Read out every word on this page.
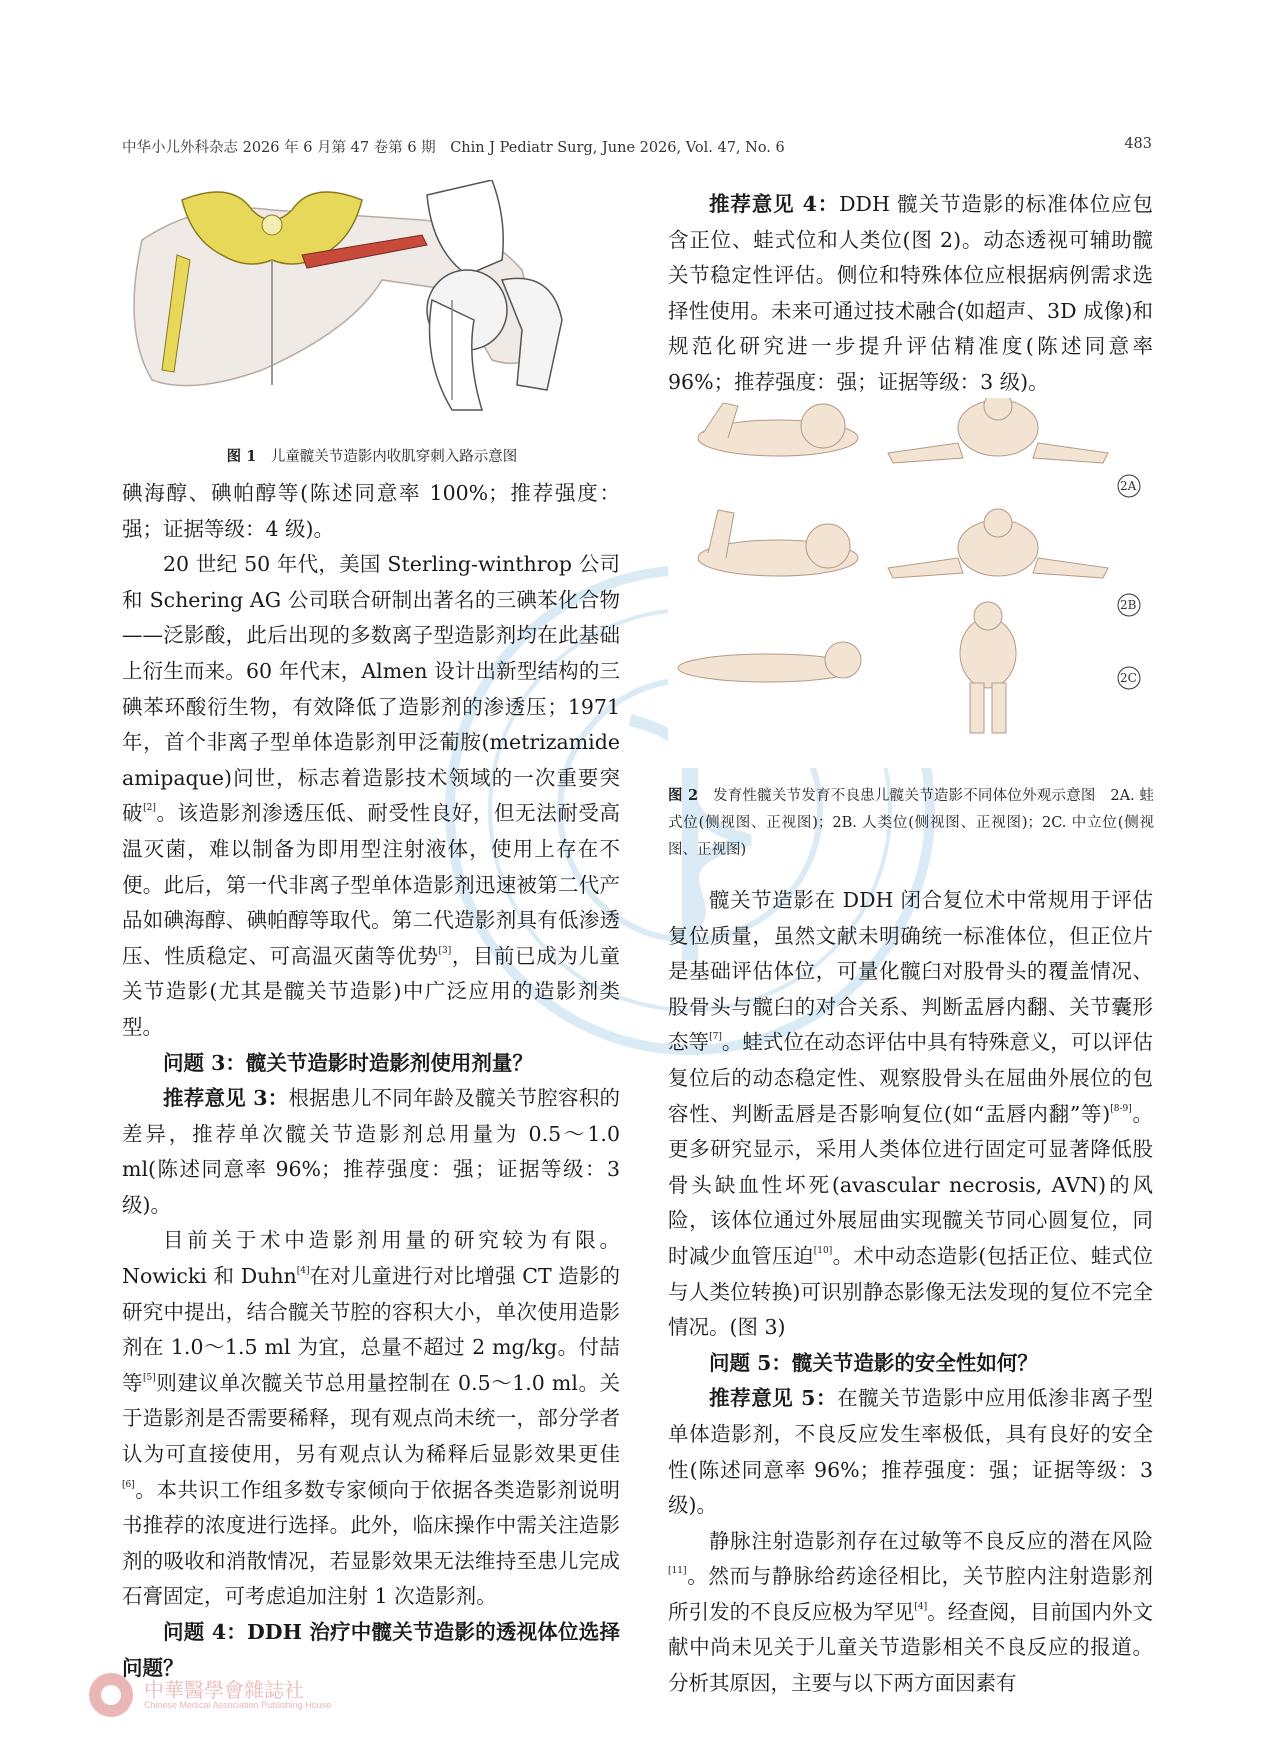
中华小儿外科杂志 2026 年 6 月第 47 卷第 6 期　 Chin J Pediatr Surg, June 2026, Vol. 47, No. 6	483
图 1　 儿童髋关节造影内收肌穿刺入路示意图
2A
2B
2C
图 2　 发育性髋关节发育不良患儿髋关节造影不同体位外观示意图　2A. 蛙式位(侧视图、正视图)；2B. 人类位(侧视图、正视图)；2C. 中立位(侧视图、正视图)

碘海醇、碘帕醇等(陈述同意率 100%；推荐强度：强；证据等级：4 级)。

20 世纪 50 年代，美国 Sterling-winthrop 公司和 Schering AG 公司联合研制出著名的三碘苯化合物——泛影酸，此后出现的多数离子型造影剂均在此基础上衍生而来。60 年代末，Almen 设计出新型结构的三碘苯环酸衍生物，有效降低了造影剂的渗透压；1971 年，首个非离子型单体造影剂甲泛葡胺(metrizamide amipaque)问世，标志着造影技术领域的一次重要突破[2]。该造影剂渗透压低、耐受性良好，但无法耐受高温灭菌，难以制备为即用型注射液体，使用上存在不便。此后，第一代非离子型单体造影剂迅速被第二代产品如碘海醇、碘帕醇等取代。第二代造影剂具有低渗透压、性质稳定、可高温灭菌等优势[3]，目前已成为儿童关节造影(尤其是髋关节造影)中广泛应用的造影剂类型。

问题 3：髋关节造影时造影剂使用剂量？

推荐意见 3：根据患儿不同年龄及髋关节腔容积的差异，推荐单次髋关节造影剂总用量为 0.5～1.0 ml(陈述同意率 96%；推荐强度：强；证据等级：3 级)。

目前关于术中造影剂用量的研究较为有限。Nowicki 和 Duhn[4]在对儿童进行对比增强 CT 造影的研究中提出，结合髋关节腔的容积大小，单次使用造影剂在 1.0～1.5 ml 为宜，总量不超过 2 mg/kg。付喆等[5]则建议单次髋关节总用量控制在 0.5～1.0 ml。关于造影剂是否需要稀释，现有观点尚未统一，部分学者认为可直接使用，另有观点认为稀释后显影效果更佳[6]。本共识工作组多数专家倾向于依据各类造影剂说明书推荐的浓度进行选择。此外，临床操作中需关注造影剂的吸收和消散情况，若显影效果无法维持至患儿完成石膏固定，可考虑追加注射 1 次造影剂。

问题 4：DDH 治疗中髋关节造影的透视体位选择问题？

推荐意见 4：DDH 髋关节造影的标准体位应包含正位、蛙式位和人类位(图 2)。动态透视可辅助髋关节稳定性评估。侧位和特殊体位应根据病例需求选择性使用。未来可通过技术融合(如超声、3D 成像)和规范化研究进一步提升评估精准度(陈述同意率 96%；推荐强度：强；证据等级：3 级)。

髋关节造影在 DDH 闭合复位术中常规用于评估复位质量，虽然文献未明确统一标准体位，但正位片是基础评估体位，可量化髋臼对股骨头的覆盖情况、股骨头与髋臼的对合关系、判断盂唇内翻、关节囊形态等[7]。蛙式位在动态评估中具有特殊意义，可以评估复位后的动态稳定性、观察股骨头在屈曲外展位的包容性、判断盂唇是否影响复位(如“盂唇内翻”等)[8-9]。更多研究显示，采用人类体位进行固定可显著降低股骨头缺血性坏死(avascular necrosis, AVN)的风险，该体位通过外展屈曲实现髋关节同心圆复位，同时减少血管压迫[10]。术中动态造影(包括正位、蛙式位与人类位转换)可识别静态影像无法发现的复位不完全情况。(图 3)

问题 5：髋关节造影的安全性如何？

推荐意见 5：在髋关节造影中应用低渗非离子型单体造影剂，不良反应发生率极低，具有良好的安全性(陈述同意率 96%；推荐强度：强；证据等级：3 级)。

静脉注射造影剂存在过敏等不良反应的潜在风险[11]。然而与静脉给药途径相比，关节腔内注射造影剂所引发的不良反应极为罕见[4]。经查阅，目前国内外文献中尚未见关于儿童关节造影相关不良反应的报道。分析其原因，主要与以下两方面因素有

中華醫學會雜誌社
Chinese Medical Association Publishing House
